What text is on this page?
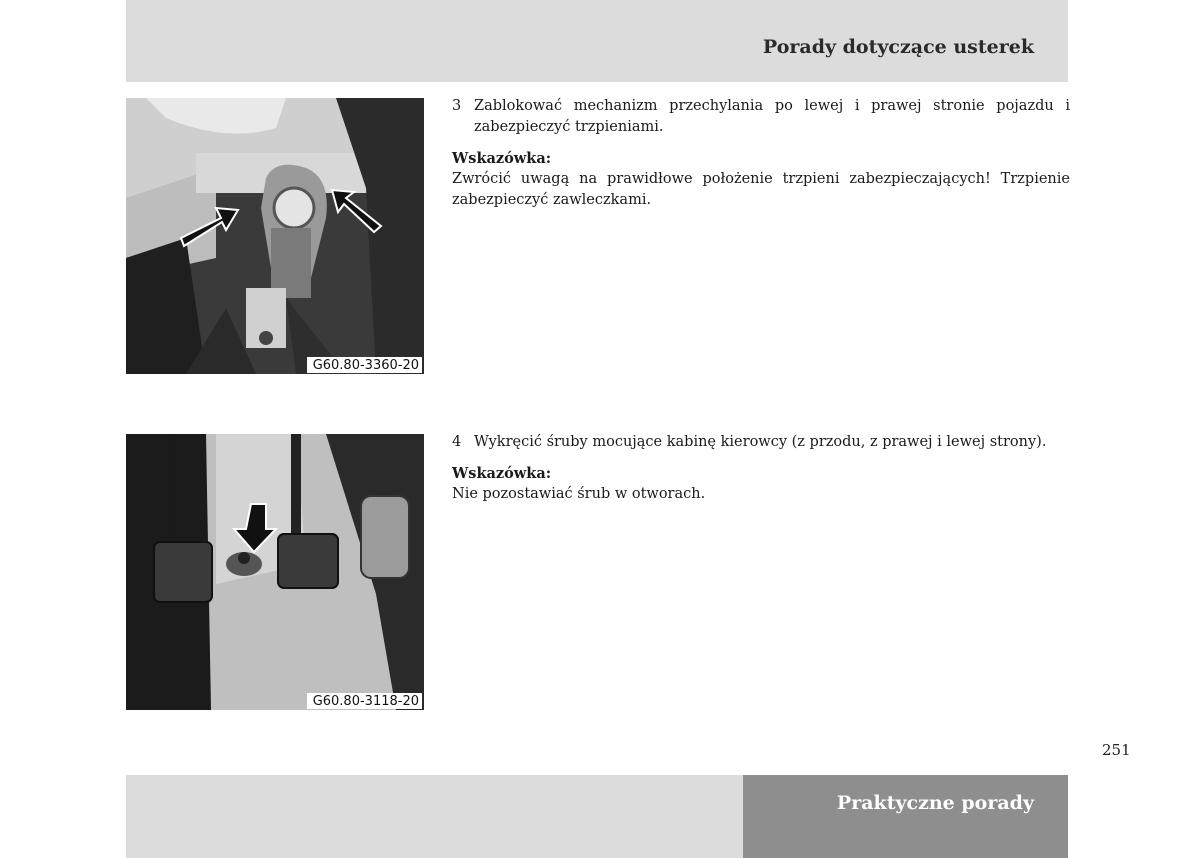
Porady dotyczące usterek
G60.80-3360-20
3 Zablokować mechanizm przechylania po lewej i prawej stronie pojazdu i zabezpieczyć trzpieniami.
Wskazówka:
Zwrócić uwagą na prawidłowe położenie trzpieni zabezpieczających! Trzpienie zabezpieczyć zawleczkami.
G60.80-3118-20
4 Wykręcić śruby mocujące kabinę kierowcy (z przodu, z prawej i lewej strony).
Wskazówka:
Nie pozostawiać śrub w otworach.
251
Praktyczne porady
